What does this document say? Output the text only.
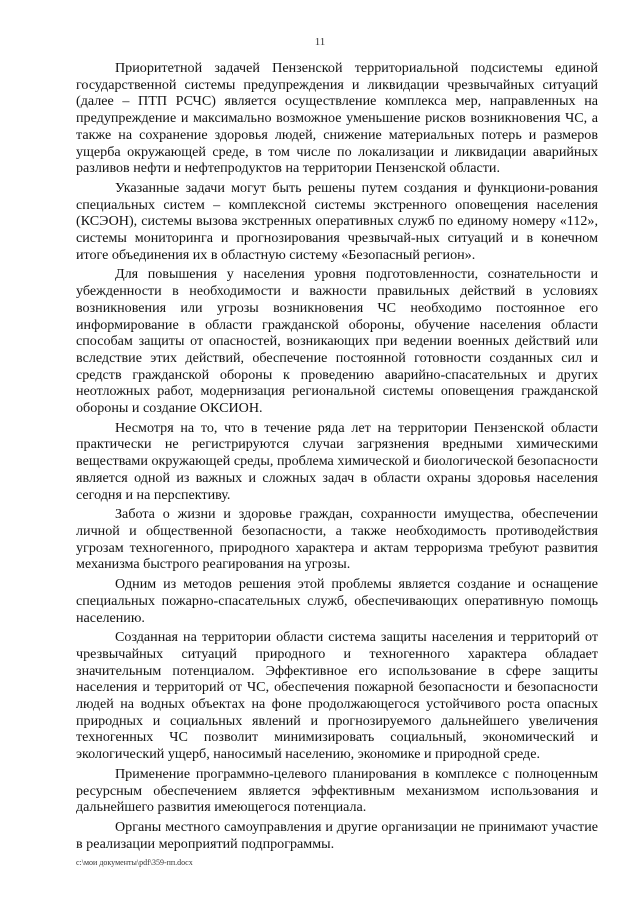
11

Приоритетной задачей Пензенской территориальной подсистемы единой государственной системы предупреждения и ликвидации чрезвычайных ситуаций (далее – ПТП РСЧС) является осуществление комплекса мер, направленных на предупреждение и максимально возможное уменьшение рисков возникновения ЧС, а также на сохранение здоровья людей, снижение материальных потерь и размеров ущерба окружающей среде, в том числе по локализации и ликвидации аварийных разливов нефти и нефтепродуктов на территории Пензенской области.

Указанные задачи могут быть решены путем создания и функциони-рования специальных систем – комплексной системы экстренного оповещения населения (КСЭОН), системы вызова экстренных оперативных служб по единому номеру «112», системы мониторинга и прогнозирования чрезвычай-ных ситуаций и в конечном итоге объединения их в областную систему «Безопасный регион».

Для повышения у населения уровня подготовленности, сознательности и убежденности в необходимости и важности правильных действий в условиях возникновения или угрозы возникновения ЧС необходимо постоянное его информирование в области гражданской обороны, обучение населения области способам защиты от опасностей, возникающих при ведении военных действий или вследствие этих действий, обеспечение постоянной готовности созданных сил и средств гражданской обороны к проведению аварийно-спасательных и других неотложных работ, модернизация региональной системы оповещения гражданской обороны и создание ОКСИОН.

Несмотря на то, что в течение ряда лет на территории Пензенской области практически не регистрируются случаи загрязнения вредными химическими веществами окружающей среды, проблема химической и биологической безопасности является одной из важных и сложных задач в области охраны здоровья населения сегодня и на перспективу.

Забота о жизни и здоровье граждан, сохранности имущества, обеспечении личной и общественной безопасности, а также необходимость противодействия угрозам техногенного, природного характера и актам терроризма требуют развития механизма быстрого реагирования на угрозы.

Одним из методов решения этой проблемы является создание и оснащение специальных пожарно-спасательных служб, обеспечивающих оперативную помощь населению.

Созданная на территории области система защиты населения и территорий от чрезвычайных ситуаций природного и техногенного характера обладает значительным потенциалом. Эффективное его использование в сфере защиты населения и территорий от ЧС, обеспечения пожарной безопасности и безопасности людей на водных объектах на фоне продолжающегося устойчивого роста опасных природных и социальных явлений и прогнозируемого дальнейшего увеличения техногенных ЧС позволит минимизировать социальный, экономический и экологический ущерб, наносимый населению, экономике и природной среде.

Применение программно-целевого планирования в комплексе с полноценным ресурсным обеспечением является эффективным механизмом использования и дальнейшего развития имеющегося потенциала.

Органы местного самоуправления и другие организации не принимают участие в реализации мероприятий подпрограммы.

c:\мои документы\pdf\359-пп.docx
